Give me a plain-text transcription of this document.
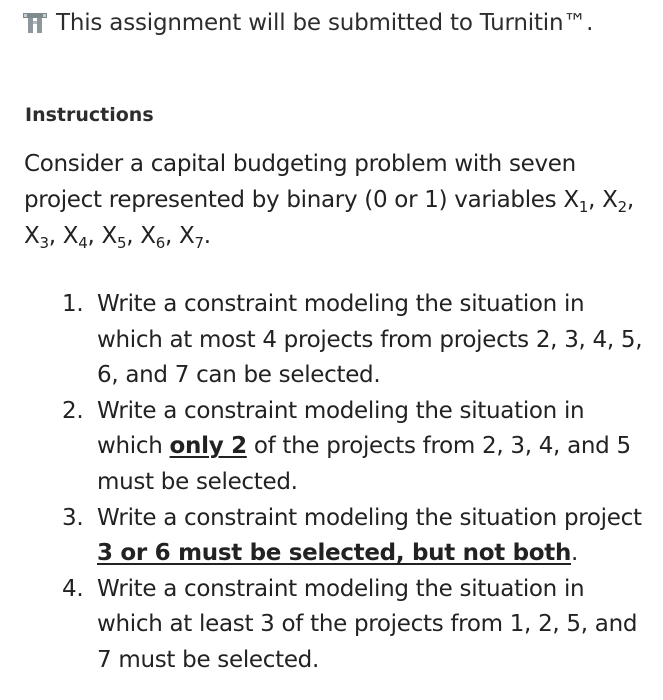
This assignment will be submitted to Turnitin™.
Instructions

Consider a capital budgeting problem with seven project represented by binary (0 or 1) variables $X_1$, $X_2$, $X_3$, $X_4$, $X_5$, $X_6$, $X_7$.

1. Write a constraint modeling the situation in which at most 4 projects from projects 2, 3, 4, 5, 6, and 7 can be selected.
2. Write a constraint modeling the situation in which only 2 of the projects from 2, 3, 4, and 5 must be selected.
3. Write a constraint modeling the situation project 3 or 6 must be selected, but not both.
4. Write a constraint modeling the situation in which at least 3 of the projects from 1, 2, 5, and 7 must be selected.
